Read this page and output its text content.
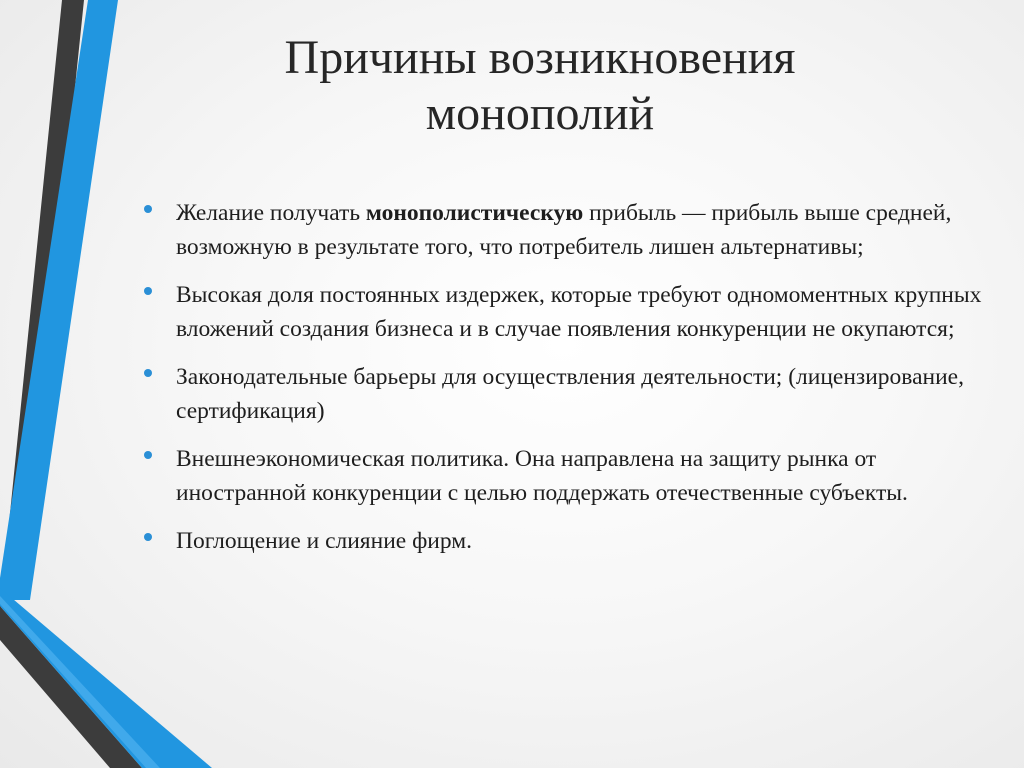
Причины возникновения
монополий
Желание получать монополистическую прибыль — прибыль выше средней, возможную в результате того, что потребитель лишен альтернативы;
Высокая доля постоянных издержек, которые требуют одномоментных крупных вложений создания бизнеса и в случае появления конкуренции не окупаются;
Законодательные барьеры для осуществления деятельности; (лицензирование, сертификация)
Внешнеэкономическая политика. Она направлена на защиту рынка от иностранной конкуренции с целью поддержать отечественные субъекты.
Поглощение и слияние фирм.
